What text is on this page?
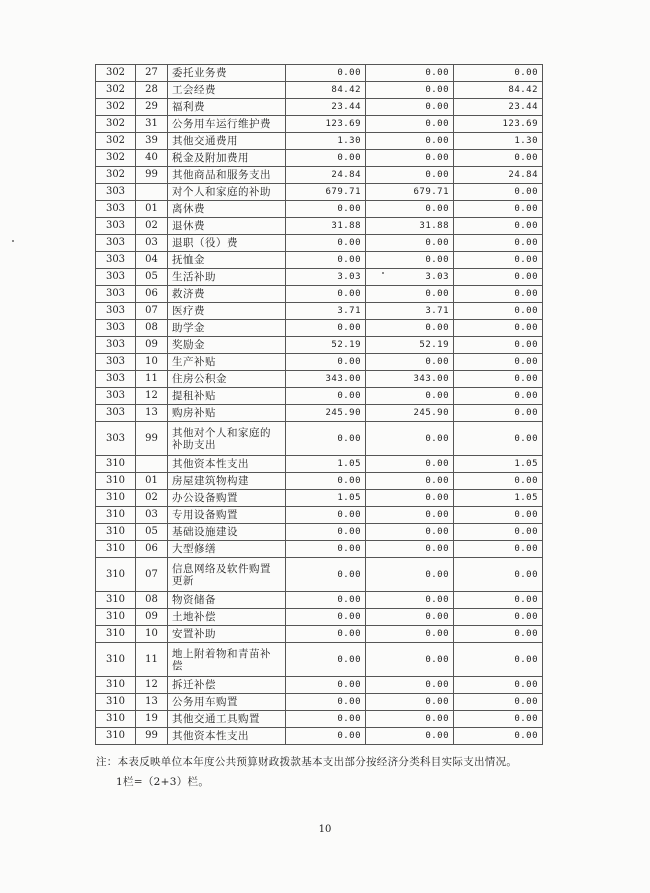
302	27	委托业务费	0.00	0.00	0.00
302	28	工会经费	84.42	0.00	84.42
302	29	福利费	23.44	0.00	23.44
302	31	公务用车运行维护费	123.69	0.00	123.69
302	39	其他交通费用	1.30	0.00	1.30
302	40	税金及附加费用	0.00	0.00	0.00
302	99	其他商品和服务支出	24.84	0.00	24.84
303		对个人和家庭的补助	679.71	679.71	0.00
303	01	离休费	0.00	0.00	0.00
303	02	退休费	31.88	31.88	0.00
303	03	退职（役）费	0.00	0.00	0.00
303	04	抚恤金	0.00	0.00	0.00
303	05	生活补助	3.03	3.03	0.00
303	06	救济费	0.00	0.00	0.00
303	07	医疗费	3.71	3.71	0.00
303	08	助学金	0.00	0.00	0.00
303	09	奖励金	52.19	52.19	0.00
303	10	生产补贴	0.00	0.00	0.00
303	11	住房公积金	343.00	343.00	0.00
303	12	提租补贴	0.00	0.00	0.00
303	13	购房补贴	245.90	245.90	0.00
303	99	其他对个人和家庭的补助支出	0.00	0.00	0.00
310		其他资本性支出	1.05	0.00	1.05
310	01	房屋建筑物构建	0.00	0.00	0.00
310	02	办公设备购置	1.05	0.00	1.05
310	03	专用设备购置	0.00	0.00	0.00
310	05	基础设施建设	0.00	0.00	0.00
310	06	大型修缮	0.00	0.00	0.00
310	07	信息网络及软件购置更新	0.00	0.00	0.00
310	08	物资储备	0.00	0.00	0.00
310	09	土地补偿	0.00	0.00	0.00
310	10	安置补助	0.00	0.00	0.00
310	11	地上附着物和青苗补偿	0.00	0.00	0.00
310	12	拆迁补偿	0.00	0.00	0.00
310	13	公务用车购置	0.00	0.00	0.00
310	19	其他交通工具购置	0.00	0.00	0.00
310	99	其他资本性支出	0.00	0.00	0.00
注：本表反映单位本年度公共预算财政拨款基本支出部分按经济分类科目实际支出情况。
1栏=（2+3）栏。
10
